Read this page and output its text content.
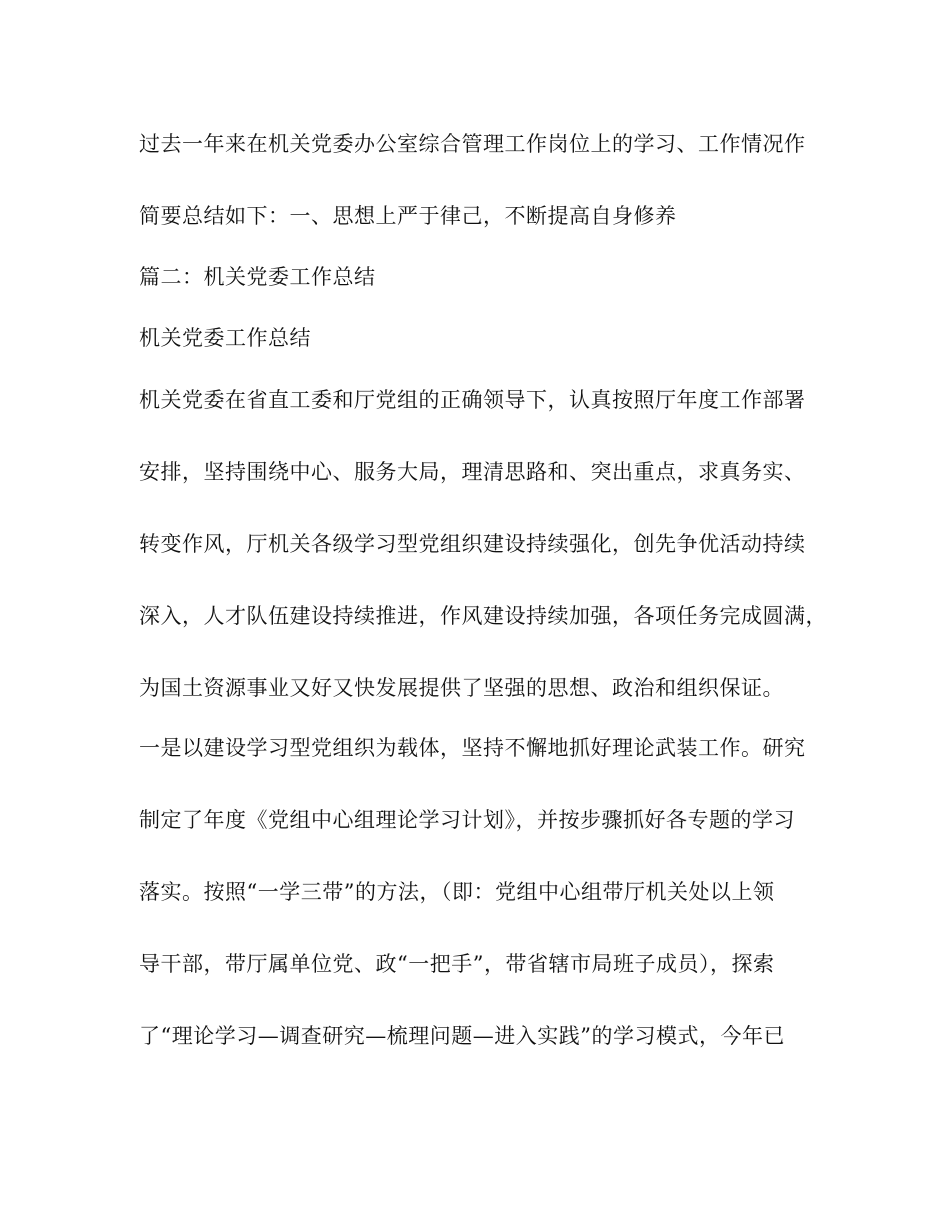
过去一年来在机关党委办公室综合管理工作岗位上的学习、工作情况作
简要总结如下：一、思想上严于律己，不断提高自身修养
篇二：机关党委工作总结
机关党委工作总结
机关党委在省直工委和厅党组的正确领导下，认真按照厅年度工作部署
安排，坚持围绕中心、服务大局，理清思路和、突出重点，求真务实、
转变作风，厅机关各级学习型党组织建设持续强化，创先争优活动持续
深入，人才队伍建设持续推进，作风建设持续加强，各项任务完成圆满，
为国土资源事业又好又快发展提供了坚强的思想、政治和组织保证。
一是以建设学习型党组织为载体，坚持不懈地抓好理论武装工作。研究
制定了年度《党组中心组理论学习计划》，并按步骤抓好各专题的学习
落实。按照“一学三带”的方法，（即：党组中心组带厅机关处以上领
导干部，带厅属单位党、政“一把手”，带省辖市局班子成员），探索
了“理论学习—调查研究—梳理问题—进入实践”的学习模式，今年已
